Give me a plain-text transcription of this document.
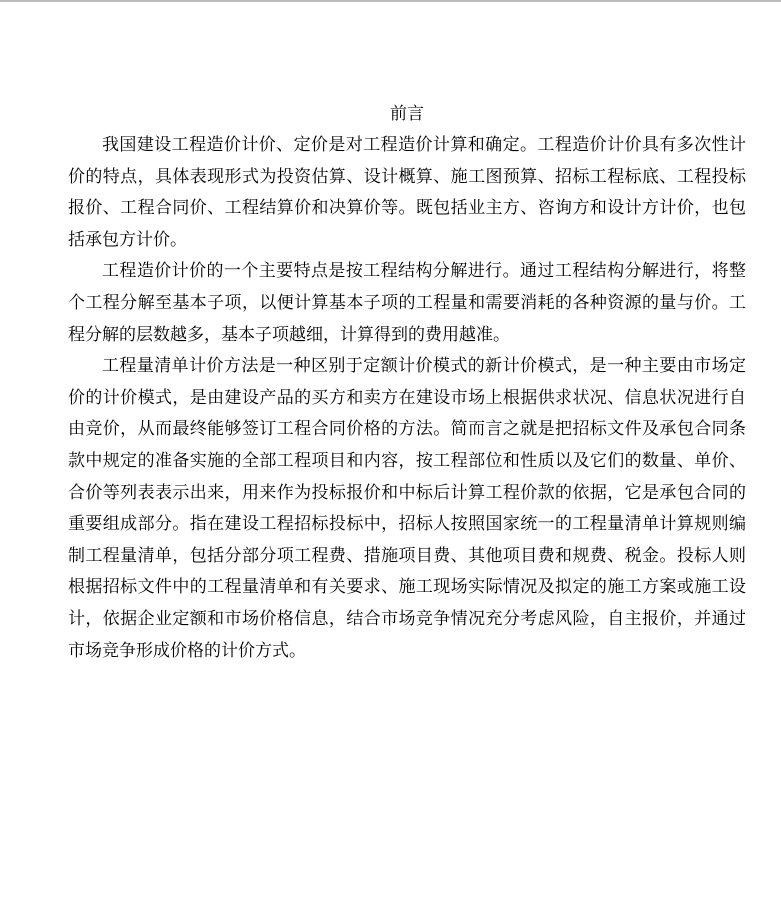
前言

我国建设工程造价计价、定价是对工程造价计算和确定。工程造价计价具有多次性计价的特点，具体表现形式为投资估算、设计概算、施工图预算、招标工程标底、工程投标报价、工程合同价、工程结算价和决算价等。既包括业主方、咨询方和设计方计价，也包括承包方计价。

工程造价计价的一个主要特点是按工程结构分解进行。通过工程结构分解进行，将整个工程分解至基本子项，以便计算基本子项的工程量和需要消耗的各种资源的量与价。工程分解的层数越多，基本子项越细，计算得到的费用越准。

工程量清单计价方法是一种区别于定额计价模式的新计价模式，是一种主要由市场定价的计价模式，是由建设产品的买方和卖方在建设市场上根据供求状况、信息状况进行自由竞价，从而最终能够签订工程合同价格的方法。简而言之就是把招标文件及承包合同条款中规定的准备实施的全部工程项目和内容，按工程部位和性质以及它们的数量、单价、合价等列表表示出来，用来作为投标报价和中标后计算工程价款的依据，它是承包合同的重要组成部分。指在建设工程招标投标中，招标人按照国家统一的工程量清单计算规则编制工程量清单，包括分部分项工程费、措施项目费、其他项目费和规费、税金。投标人则根据招标文件中的工程量清单和有关要求、施工现场实际情况及拟定的施工方案或施工设计，依据企业定额和市场价格信息，结合市场竞争情况充分考虑风险，自主报价，并通过市场竞争形成价格的计价方式。
